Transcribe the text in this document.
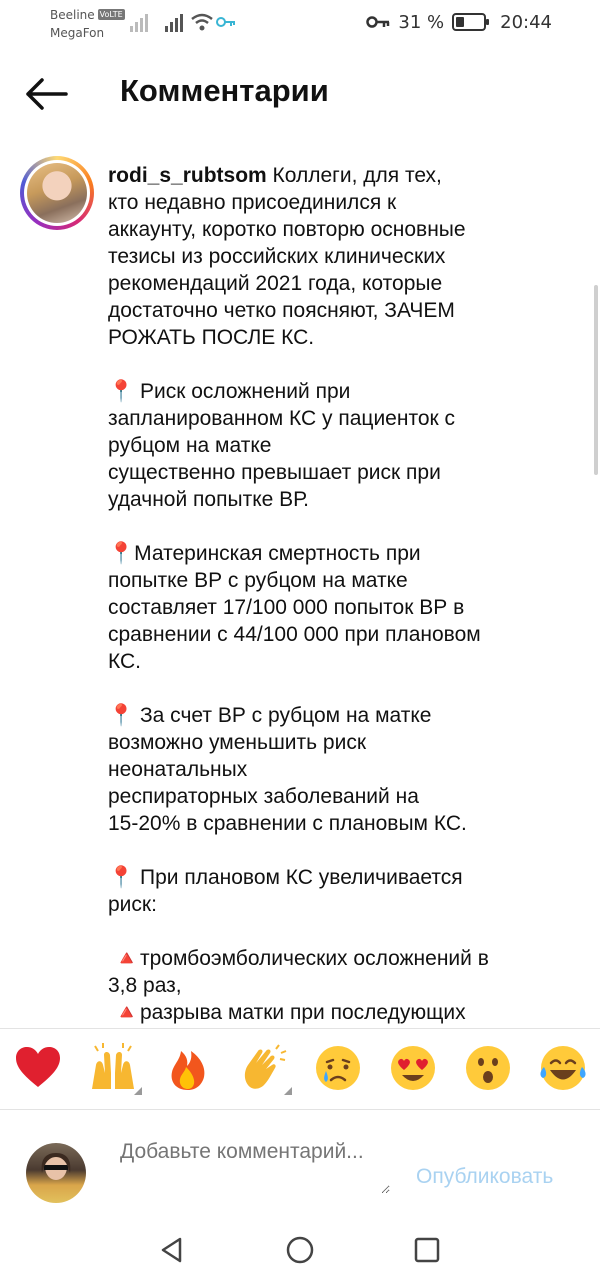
Beeline VoLTE
MegaFon
31 %	20:44
Комментарии
rodi_s_rubtsom Коллеги, для тех,
кто недавно присоединился к
аккаунту, коротко повторю основные
тезисы из российских клинических
рекомендаций 2021 года, которые
достаточно четко поясняют, ЗАЧЕМ
РОЖАТЬ ПОСЛЕ КС.

📍 Риск осложнений при
запланированном КС у пациенток с
рубцом на матке
существенно превышает риск при
удачной попытке ВР.

📍Материнская смертность при
попытке ВР с рубцом на матке
составляет 17/100 000 попыток ВР в
сравнении с 44/100 000 при плановом
КС.

📍 За счет ВР с рубцом на матке
возможно уменьшить риск
неонатальных
респираторных заболеваний на
15-20% в сравнении с плановым КС.

📍 При плановом КС увеличивается
риск:

🔺тромбоэмболических осложнений в
3,8 раз,
🔺разрыва матки при последующих
Добавьте комментарий...
Опубликовать
